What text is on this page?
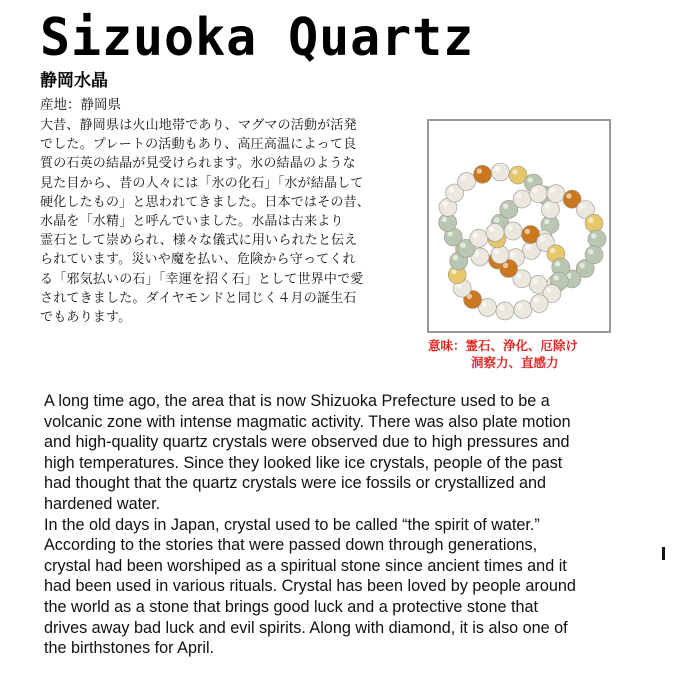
Sizuoka Quartz
静岡水晶
産地：静岡県
大昔、静岡県は火山地帯であり、マグマの活動が活発
でした。プレートの活動もあり、高圧高温によって良
質の石英の結晶が見受けられます。氷の結晶のような
見た目から、昔の人々には「氷の化石」「水が結晶して
硬化したもの」と思われてきました。日本ではその昔、
水晶を「水精」と呼んでいました。水晶は古来より
霊石として崇められ、様々な儀式に用いられたと伝え
られています。災いや魔を払い、危険から守ってくれ
る「邪気払いの石」「幸運を招く石」として世界中で愛
されてきました。ダイヤモンドと同じく４月の誕生石
でもあります。
意味：霊石、浄化、厄除け
洞察力、直感力
A long time ago, the area that is now Shizuoka Prefecture used to be a
volcanic zone with intense magmatic activity. There was also plate motion
and high-quality quartz crystals were observed due to high pressures and
high temperatures. Since they looked like ice crystals, people of the past
had thought that the quartz crystals were ice fossils or crystallized and
hardened water.
In the old days in Japan, crystal used to be called “the spirit of water.”
According to the stories that were passed down through generations,
crystal had been worshiped as a spiritual stone since ancient times and it
had been used in various rituals. Crystal has been loved by people around
the world as a stone that brings good luck and a protective stone that
drives away bad luck and evil spirits. Along with diamond, it is also one of
the birthstones for April.
